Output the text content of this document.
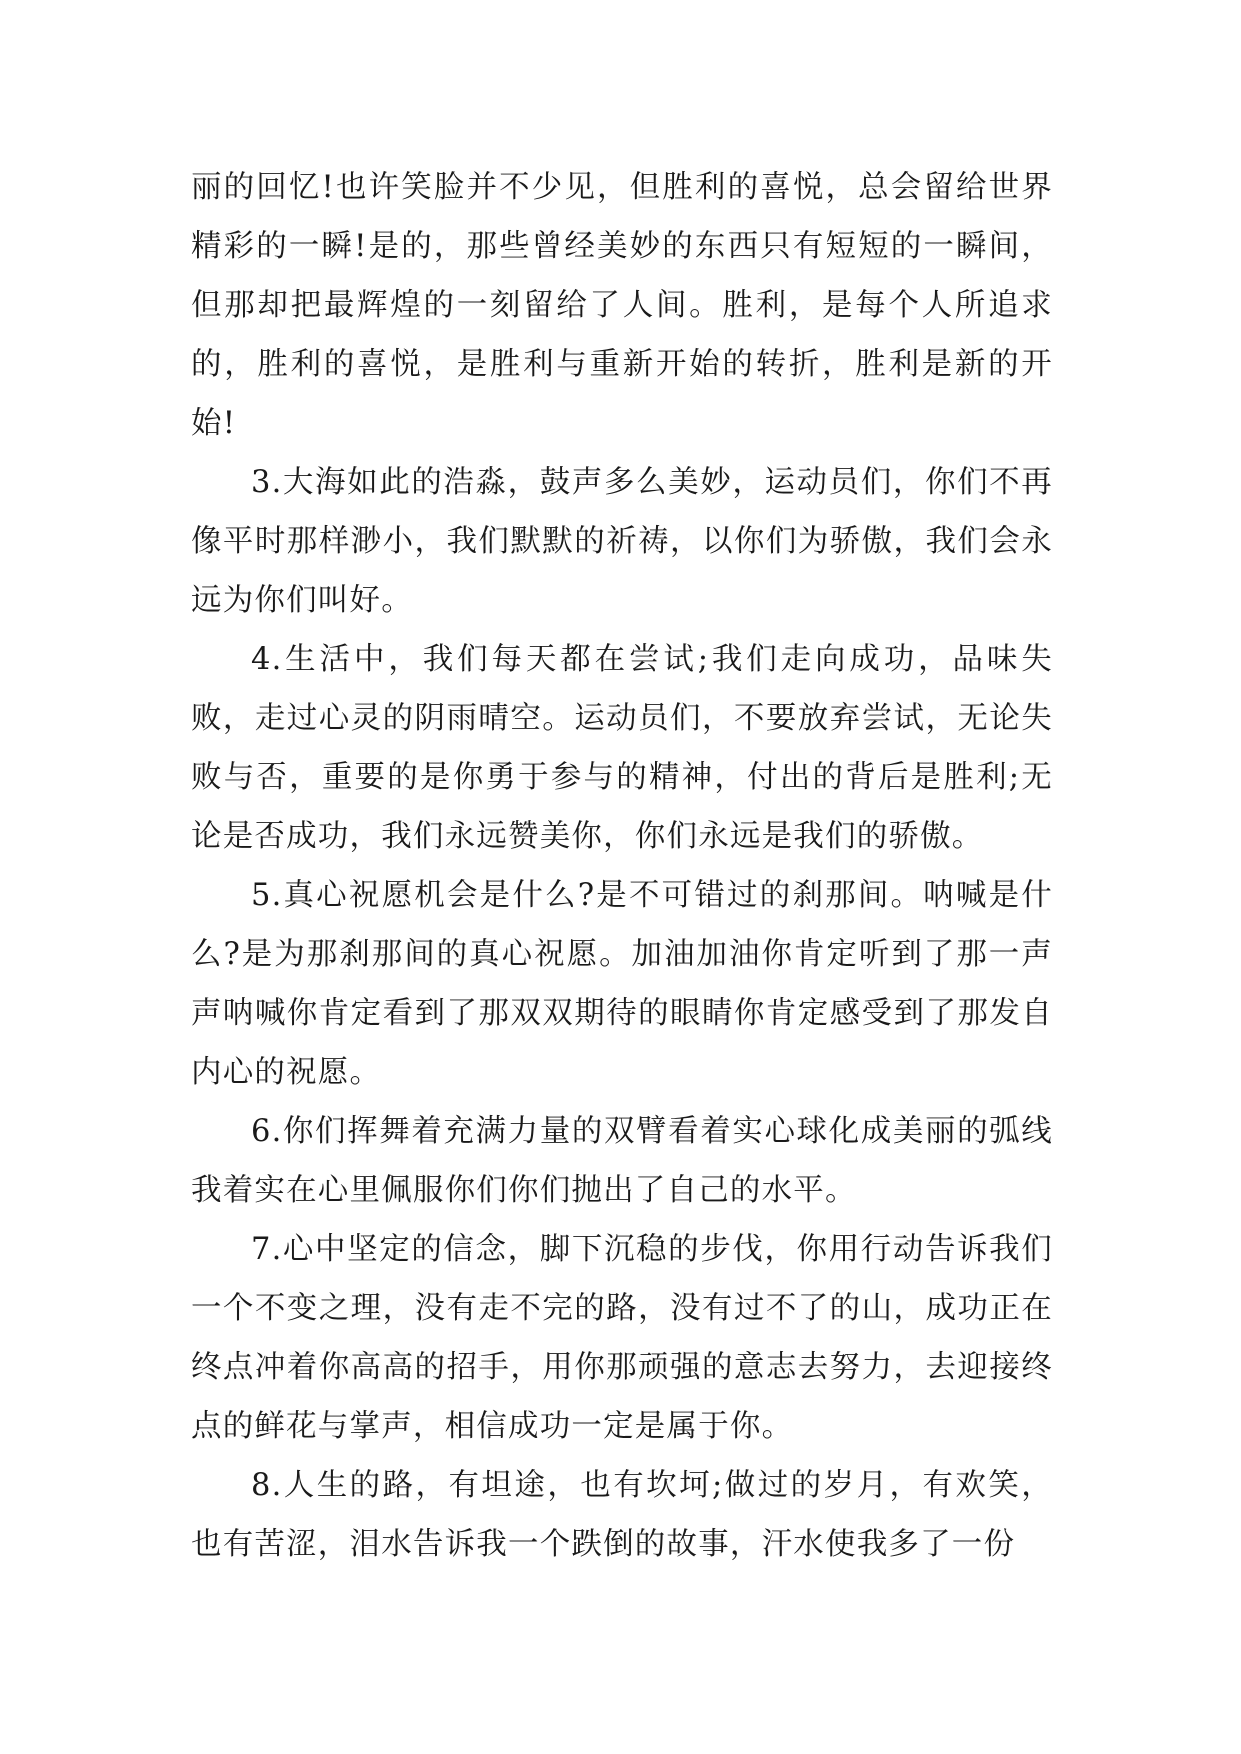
丽的回忆!也许笑脸并不少见，但胜利的喜悦，总会留给世界精彩的一瞬!是的，那些曾经美妙的东西只有短短的一瞬间，但那却把最辉煌的一刻留给了人间。胜利，是每个人所追求的，胜利的喜悦，是胜利与重新开始的转折，胜利是新的开始!

3.大海如此的浩淼，鼓声多么美妙，运动员们，你们不再像平时那样渺小，我们默默的祈祷，以你们为骄傲，我们会永远为你们叫好。

4.生活中，我们每天都在尝试;我们走向成功，品味失败，走过心灵的阴雨晴空。运动员们，不要放弃尝试，无论失败与否，重要的是你勇于参与的精神，付出的背后是胜利;无论是否成功，我们永远赞美你，你们永远是我们的骄傲。

5.真心祝愿机会是什么?是不可错过的刹那间。呐喊是什么?是为那刹那间的真心祝愿。加油加油你肯定听到了那一声声呐喊你肯定看到了那双双期待的眼睛你肯定感受到了那发自内心的祝愿。

6.你们挥舞着充满力量的双臂看着实心球化成美丽的弧线我着实在心里佩服你们你们抛出了自己的水平。

7.心中坚定的信念，脚下沉稳的步伐，你用行动告诉我们一个不变之理，没有走不完的路，没有过不了的山，成功正在终点冲着你高高的招手，用你那顽强的意志去努力，去迎接终点的鲜花与掌声，相信成功一定是属于你。

8.人生的路，有坦途，也有坎坷;做过的岁月，有欢笑，也有苦涩，泪水告诉我一个跌倒的故事，汗水使我多了一份
